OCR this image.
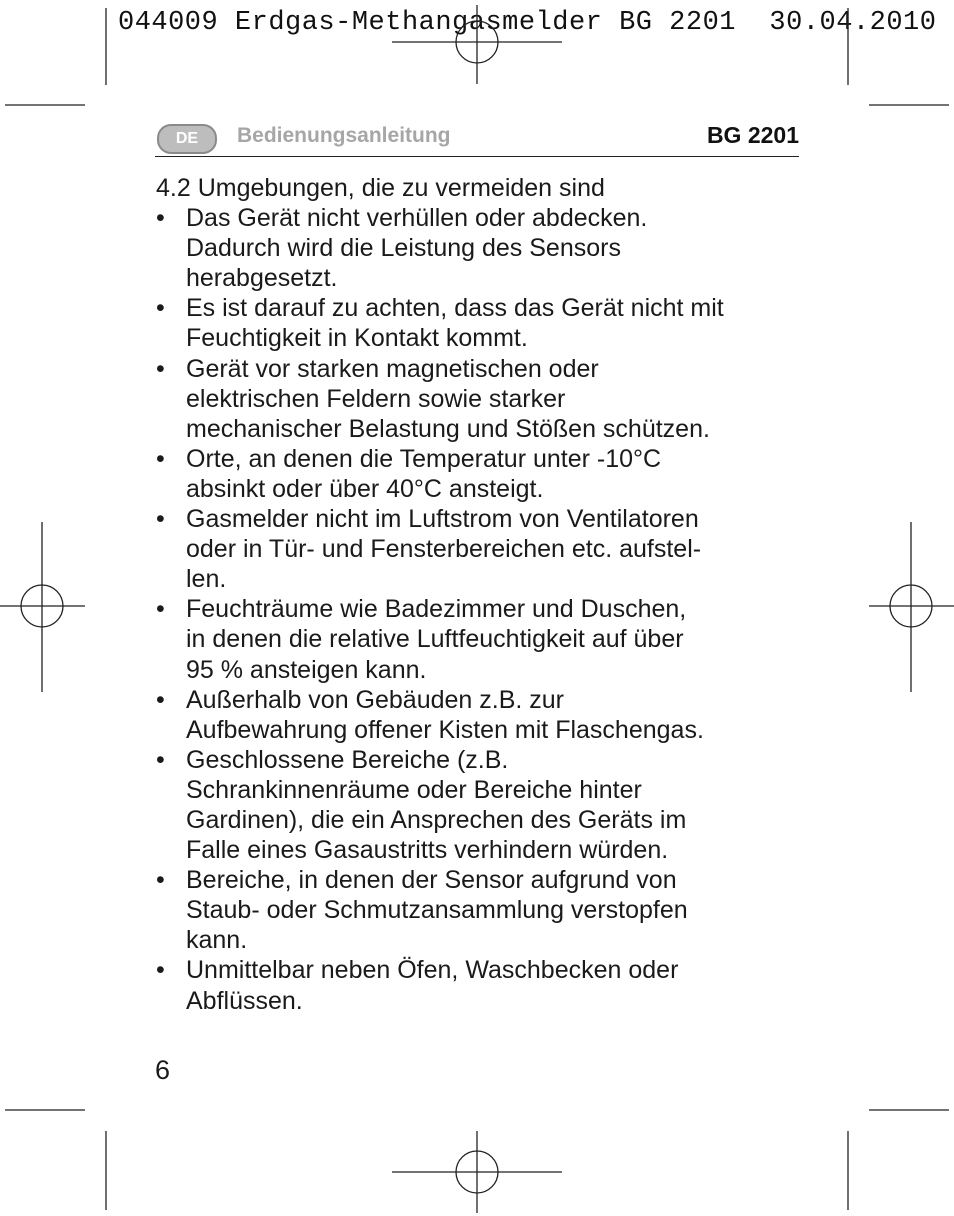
044009 Erdgas-Methangasmelder BG 2201  30.04.2010
DE	Bedienungsanleitung	BG 2201
4.2 Umgebungen, die zu vermeiden sind
• Das Gerät nicht verhüllen oder abdecken.
Dadurch wird die Leistung des Sensors
herabgesetzt.
• Es ist darauf zu achten, dass das Gerät nicht mit
Feuchtigkeit in Kontakt kommt.
• Gerät vor starken magnetischen oder
elektrischen Feldern sowie starker
mechanischer Belastung und Stößen schützen.
• Orte, an denen die Temperatur unter -10°C
absinkt oder über 40°C ansteigt.
• Gasmelder nicht im Luftstrom von Ventilatoren
oder in Tür- und Fensterbereichen etc. aufstel-
len.
• Feuchträume wie Badezimmer und Duschen,
in denen die relative Luftfeuchtigkeit auf über
95 % ansteigen kann.
• Außerhalb von Gebäuden z.B. zur
Aufbewahrung offener Kisten mit Flaschengas.
• Geschlossene Bereiche (z.B.
Schrankinnenräume oder Bereiche hinter
Gardinen), die ein Ansprechen des Geräts im
Falle eines Gasaustritts verhindern würden.
• Bereiche, in denen der Sensor aufgrund von
Staub- oder Schmutzansammlung verstopfen
kann.
• Unmittelbar neben Öfen, Waschbecken oder
Abflüssen.
6
